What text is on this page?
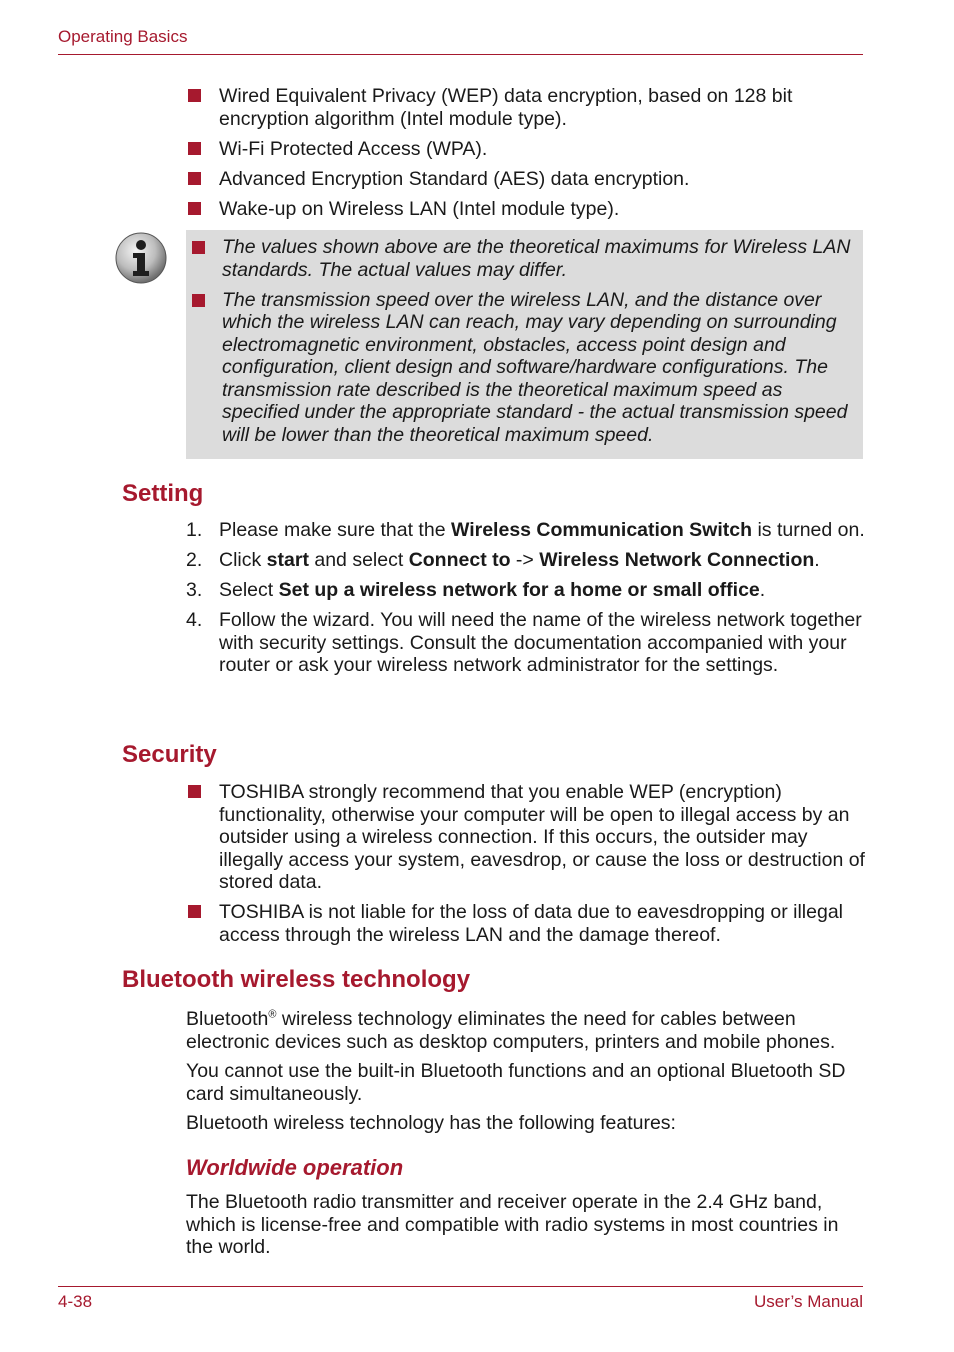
Operating Basics
Wired Equivalent Privacy (WEP) data encryption, based on 128 bit encryption algorithm (Intel module type).
Wi-Fi Protected Access (WPA).
Advanced Encryption Standard (AES) data encryption.
Wake-up on Wireless LAN (Intel module type).
The values shown above are the theoretical maximums for Wireless LAN standards. The actual values may differ.
The transmission speed over the wireless LAN, and the distance over which the wireless LAN can reach, may vary depending on surrounding electromagnetic environment, obstacles, access point design and configuration, client design and software/hardware configurations. The transmission rate described is the theoretical maximum speed as specified under the appropriate standard - the actual transmission speed will be lower than the theoretical maximum speed.
Setting
1. Please make sure that the Wireless Communication Switch is turned on.
2. Click start and select Connect to -> Wireless Network Connection.
3. Select Set up a wireless network for a home or small office.
4. Follow the wizard. You will need the name of the wireless network together with security settings. Consult the documentation accompanied with your router or ask your wireless network administrator for the settings.
Security
TOSHIBA strongly recommend that you enable WEP (encryption) functionality, otherwise your computer will be open to illegal access by an outsider using a wireless connection. If this occurs, the outsider may illegally access your system, eavesdrop, or cause the loss or destruction of stored data.
TOSHIBA is not liable for the loss of data due to eavesdropping or illegal access through the wireless LAN and the damage thereof.
Bluetooth wireless technology

Bluetooth® wireless technology eliminates the need for cables between electronic devices such as desktop computers, printers and mobile phones.

You cannot use the built-in Bluetooth functions and an optional Bluetooth SD card simultaneously.

Bluetooth wireless technology has the following features:

Worldwide operation

The Bluetooth radio transmitter and receiver operate in the 2.4 GHz band, which is license-free and compatible with radio systems in most countries in the world.

4-38	User’s Manual
